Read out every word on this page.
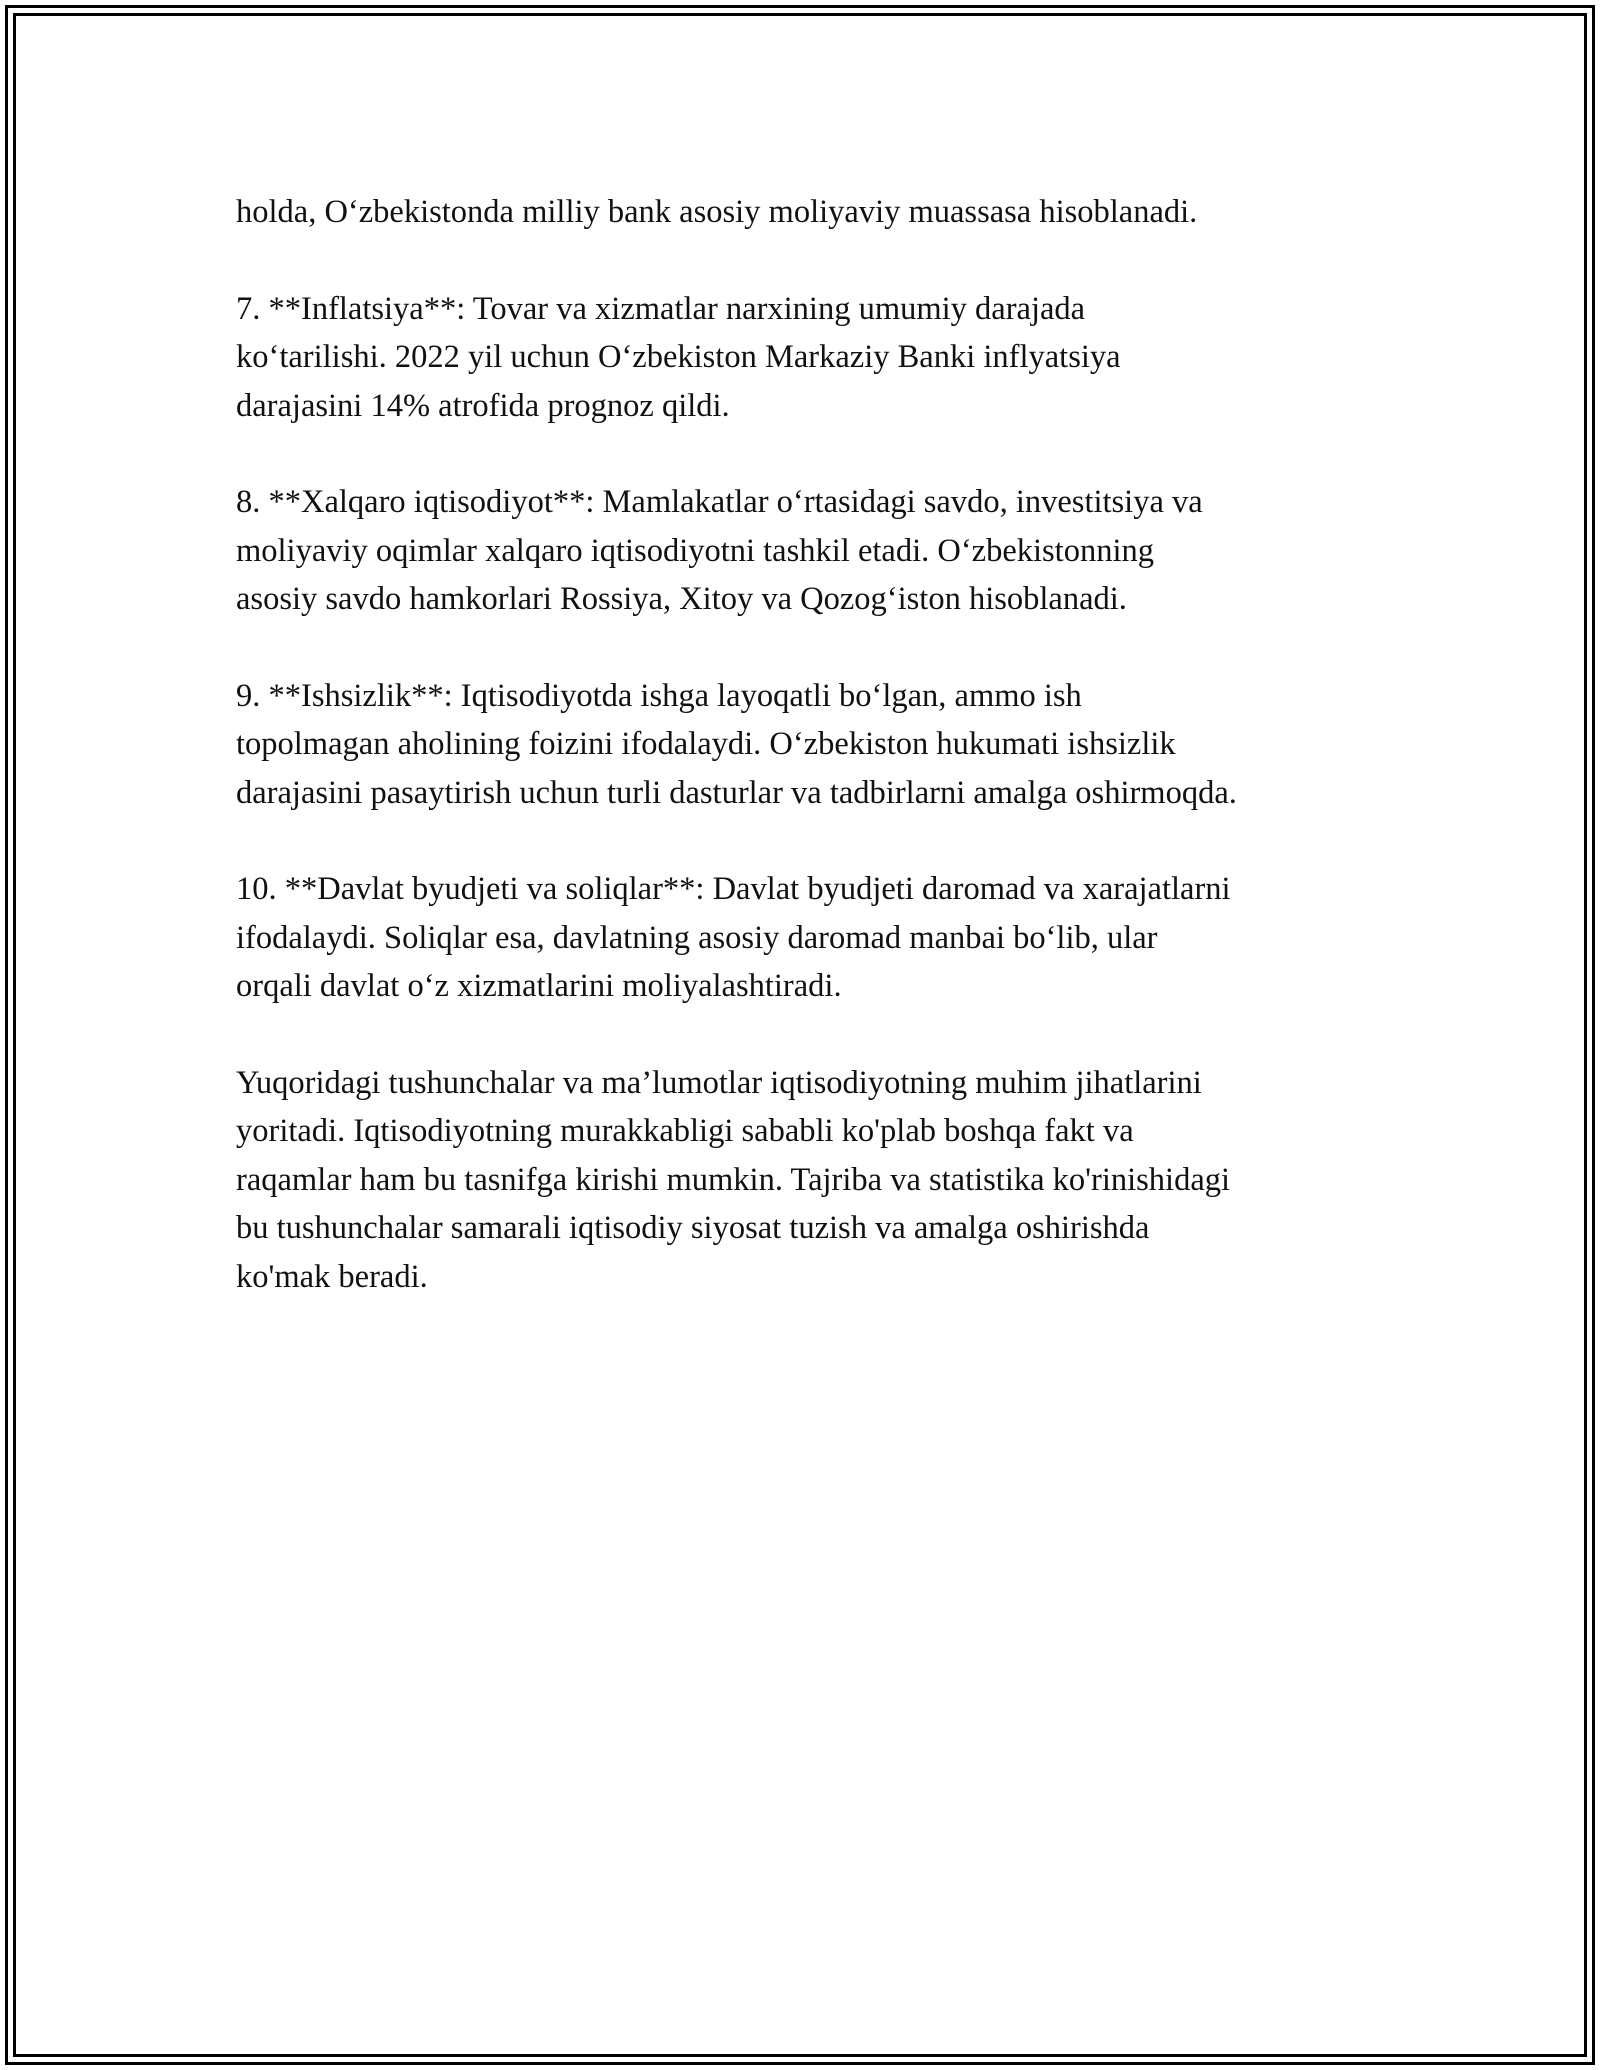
holda, O‘zbekistonda milliy bank asosiy moliyaviy muassasa hisoblanadi.

7. **Inflatsiya**: Tovar va xizmatlar narxining umumiy darajada
ko‘tarilishi. 2022 yil uchun O‘zbekiston Markaziy Banki inflyatsiya
darajasini 14% atrofida prognoz qildi.

8. **Xalqaro iqtisodiyot**: Mamlakatlar o‘rtasidagi savdo, investitsiya va
moliyaviy oqimlar xalqaro iqtisodiyotni tashkil etadi. O‘zbekistonning
asosiy savdo hamkorlari Rossiya, Xitoy va Qozog‘iston hisoblanadi.

9. **Ishsizlik**: Iqtisodiyotda ishga layoqatli bo‘lgan, ammo ish
topolmagan aholining foizini ifodalaydi. O‘zbekiston hukumati ishsizlik
darajasini pasaytirish uchun turli dasturlar va tadbirlarni amalga oshirmoqda.

10. **Davlat byudjeti va soliqlar**: Davlat byudjeti daromad va xarajatlarni
ifodalaydi. Soliqlar esa, davlatning asosiy daromad manbai bo‘lib, ular
orqali davlat o‘z xizmatlarini moliyalashtiradi.

Yuqoridagi tushunchalar va ma’lumotlar iqtisodiyotning muhim jihatlarini
yoritadi. Iqtisodiyotning murakkabligi sababli ko'plab boshqa fakt va
raqamlar ham bu tasnifga kirishi mumkin. Tajriba va statistika ko'rinishidagi
bu tushunchalar samarali iqtisodiy siyosat tuzish va amalga oshirishda
ko'mak beradi.
